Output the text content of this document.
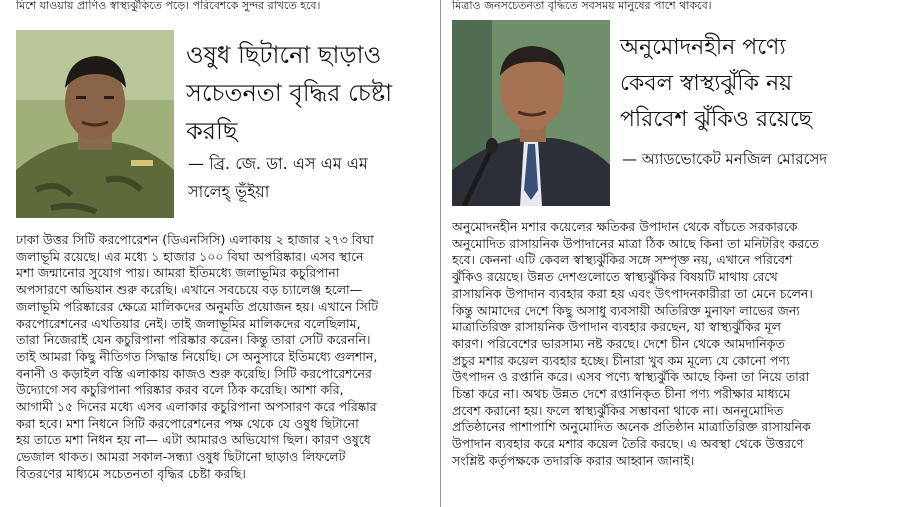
মিশে যাওয়ায় প্রাণিও স্বাস্থ্যঝুঁকিতে পড়ে। পরিবেশকে সুন্দর রাখতে হবে।	মিত্রাও জনসচেতনতা বৃদ্ধিতে সবসময় মানুষের পাশে থাকবে।
ওষুধ ছিটানো ছাড়াও
সচেতনতা বৃদ্ধির চেষ্টা
করছি
— ব্রি. জে. ডা. এস এম এম
সালেহ্ ভূঁইয়া

ঢাকা উত্তর সিটি করপোরেশন (ডিএনসিসি) এলাকায় ২ হাজার ২৭৩ বিঘা

জলাভূমি রয়েছে। এর মধ্যে ১ হাজার ১০০ বিঘা অপরিষ্কার। এসব স্থানে

মশা জন্মানোর সুযোগ পায়। আমরা ইতিমধ্যে জলাভূমির কচুরিপানা

অপসারণে অভিযান শুরু করেছি। এখানে সবচেয়ে বড় চ্যালেঞ্জ হলো—

জলাভূমি পরিষ্কারের ক্ষেত্রে মালিকদের অনুমতি প্রয়োজন হয়। এখানে সিটি

করপোরেশনের এখতিয়ার নেই। তাই জলাভূমির মালিকদের বলেছিলাম,

তারা নিজেরাই যেন কচুরিপানা পরিষ্কার করেন। কিন্তু তারা সেটি করেননি।

তাই আমরা কিছু নীতিগত সিদ্ধান্ত নিয়েছি। সে অনুসারে ইতিমধ্যে গুলশান,

বনানী ও কড়াইল বস্তি এলাকায় কাজও শুরু করেছি। সিটি করপোরেশনের

উদ্যোগে সব কচুরিপানা পরিষ্কার করব বলে ঠিক করেছি। আশা করি,

আগামী ১৫ দিনের মধ্যে এসব এলাকার কচুরিপানা অপসারণ করে পরিষ্কার

করা হবে। মশা নিধনে সিটি করপোরেশনের পক্ষ থেকে যে ওষুধ ছিটানো

হয় তাতে মশা নিধন হয় না— এটা আমারও অভিযোগ ছিল। কারণ ওষুধে

ভেজাল থাকত। আমরা সকাল-সন্ধ্যা ওষুধ ছিটানো ছাড়াও লিফলেট

বিতরণের মাধ্যমে সচেতনতা বৃদ্ধির চেষ্টা করছি।

অনুমোদনহীন পণ্যে
কেবল স্বাস্থ্যঝুঁকি নয়
পরিবেশ ঝুঁকিও রয়েছে
— অ্যাডভোকেট মনজিল মোরসেদ

অনুমোদনহীন মশার কয়েলের ক্ষতিকর উপাদান থেকে বাঁচতে সরকারকে

অনুমোদিত রাসায়নিক উপাদানের মাত্রা ঠিক আছে কিনা তা মনিটরিং করতে

হবে। কেননা এটি কেবল স্বাস্থ্যঝুঁকির সঙ্গে সম্পৃক্ত নয়, এখানে পরিবেশ

ঝুঁকিও রয়েছে। উন্নত দেশগুলোতে স্বাস্থ্যঝুঁকির বিষয়টি মাথায় রেখে

রাসায়নিক উপাদান ব্যবহার করা হয় এবং উৎপাদনকারীরা তা মেনে চলেন।

কিন্তু আমাদের দেশে কিছু অসাধু ব্যবসায়ী অতিরিক্ত মুনাফা লাভের জন্য

মাত্রাতিরিক্ত রাসায়নিক উপাদান ব্যবহার করছেন, যা স্বাস্থ্যঝুঁকির মূল

কারণ। পরিবেশের ভারসাম্য নষ্ট করছে। দেশে চীন থেকে আমদানিকৃত

প্রচুর মশার কয়েল ব্যবহার হচ্ছে। চীনারা খুব কম মূল্যে যে কোনো পণ্য

উৎপাদন ও রপ্তানি করে। এসব পণ্যে স্বাস্থ্যঝুঁকি আছে কিনা তা নিয়ে তারা

চিন্তা করে না। অথচ উন্নত দেশে রপ্তানিকৃত চীনা পণ্য পরীক্ষার মাধ্যমে

প্রবেশ করানো হয়। ফলে স্বাস্থ্যঝুঁকির সম্ভাবনা থাকে না। অননুমোদিত

প্রতিষ্ঠানের পাশাপাশি অনুমোদিত অনেক প্রতিষ্ঠান মাত্রাতিরিক্ত রাসায়নিক

উপাদান ব্যবহার করে মশার কয়েল তৈরি করছে। এ অবস্থা থেকে উত্তরণে

সংশ্লিষ্ট কর্তৃপক্ষকে তদারকি করার আহ্বান জানাই।
